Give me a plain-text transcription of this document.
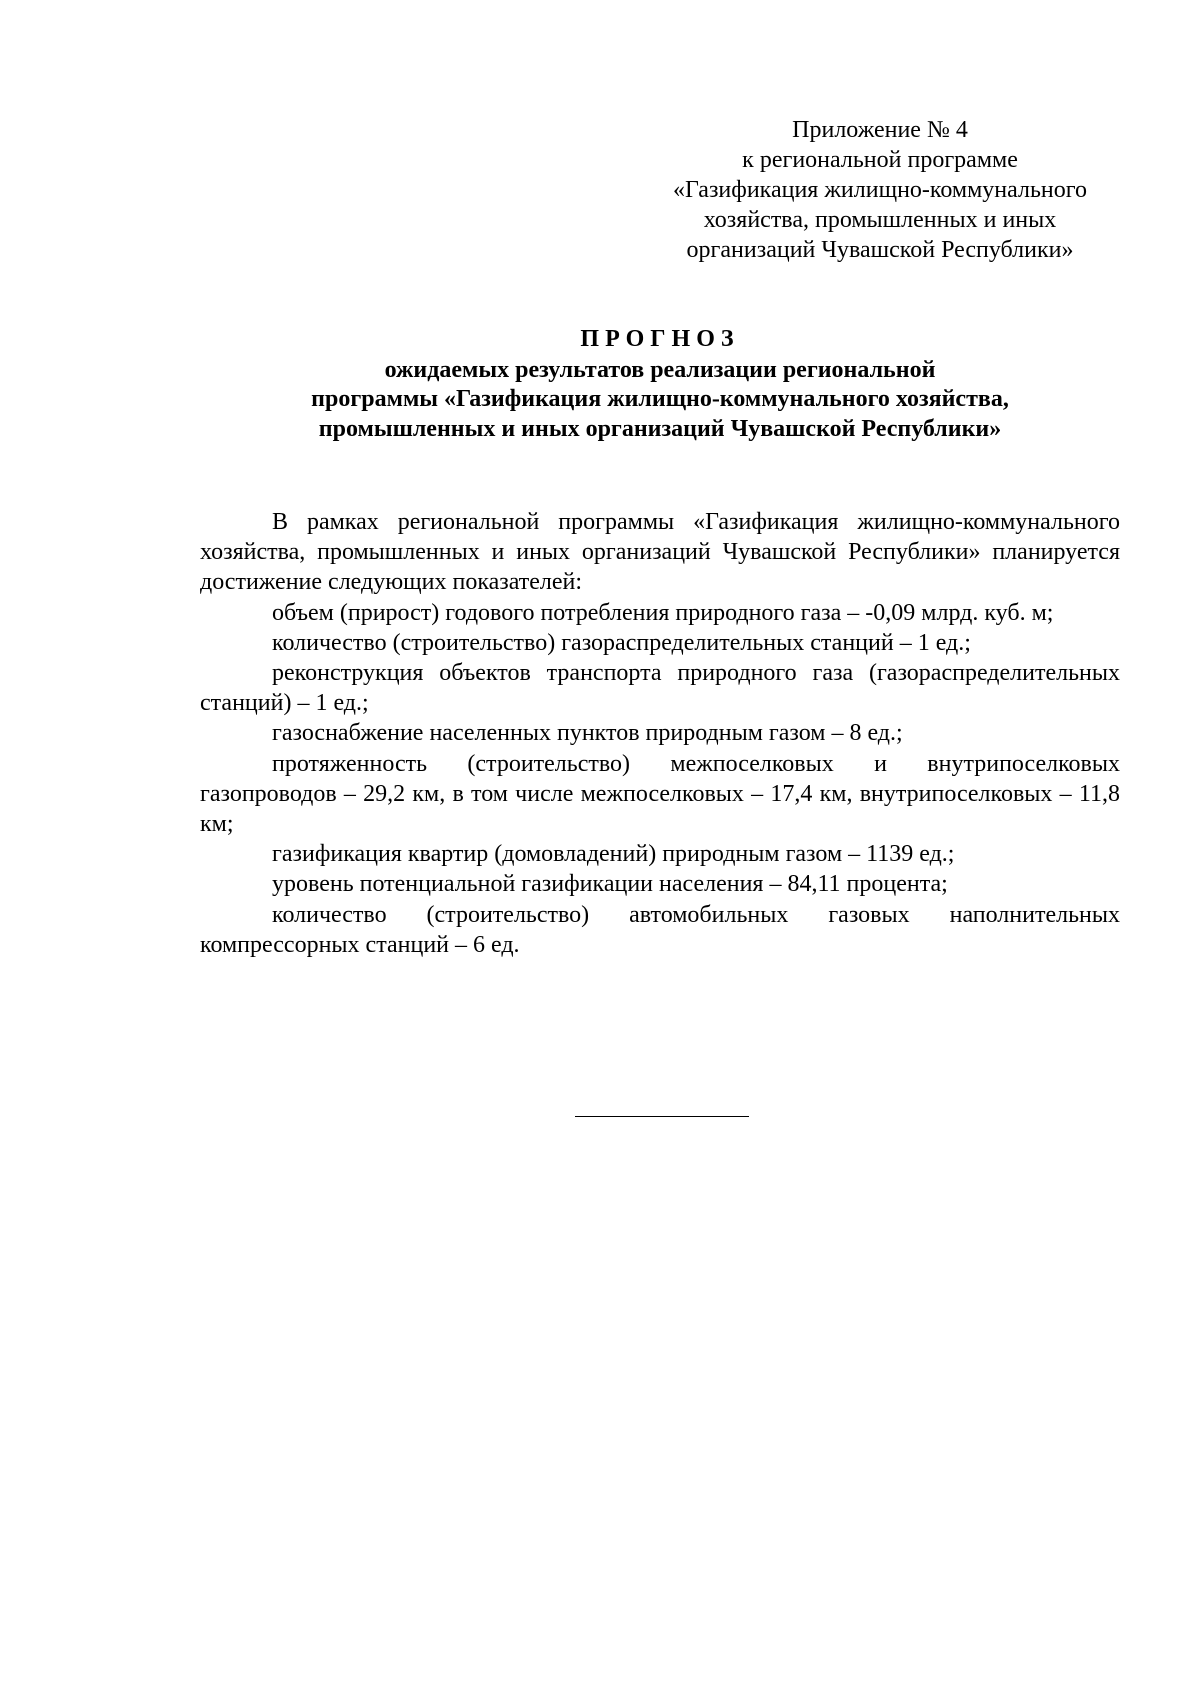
Приложение № 4
к региональной программе
«Газификация жилищно-коммунального
хозяйства, промышленных и иных
организаций Чувашской Республики»
ПРОГНОЗ
ожидаемых результатов реализации региональной
программы «Газификация жилищно-коммунального хозяйства,
промышленных и иных организаций Чувашской Республики»

В рамках региональной программы «Газификация жилищно-коммунального хозяйства, промышленных и иных организаций Чувашской Республики» планируется достижение следующих показателей:

объем (прирост) годового потребления природного газа – -0,09 млрд. куб. м;

количество (строительство) газораспределительных станций – 1 ед.;

реконструкция объектов транспорта природного газа (газораспределительных станций) – 1 ед.;

газоснабжение населенных пунктов природным газом – 8 ед.;

протяженность (строительство) межпоселковых и внутрипоселковых газопроводов – 29,2 км, в том числе межпоселковых – 17,4 км, внутрипоселковых – 11,8 км;

газификация квартир (домовладений) природным газом – 1139 ед.;

уровень потенциальной газификации населения – 84,11 процента;

количество (строительство) автомобильных газовых наполнительных компрессорных станций – 6 ед.
